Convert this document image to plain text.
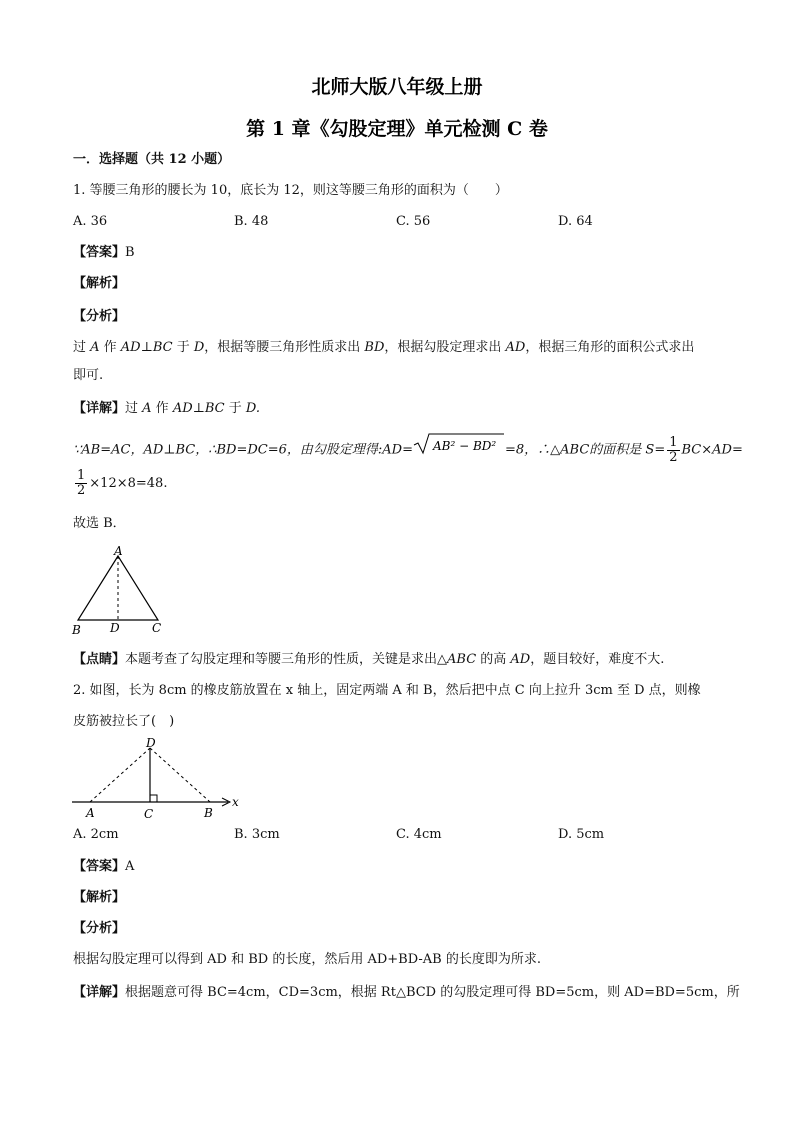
北师大版八年级上册
第 1 章《勾股定理》单元检测 C 卷
一．选择题（共 12 小题）
1. 等腰三角形的腰长为 10，底长为 12，则这等腰三角形的面积为（　　）
A. 36	B. 48	C. 56	D. 64
【答案】B
【解析】
【分析】
过 A 作 AD⊥BC 于 D，根据等腰三角形性质求出 BD，根据勾股定理求出 AD，根据三角形的面积公式求出
即可.
【详解】过 A 作 AD⊥BC 于 D.
∵AB=AC，AD⊥BC，∴BD=DC=6，由勾股定理得:AD= AB² − BD² =8，∴△ABC的面积是 $S= \frac{1}{2} BC\times AD=$
$\frac{1}{2} \times 12\times 8=48$.
故选 B．
A
B D	C
【点睛】本题考查了勾股定理和等腰三角形的性质，关键是求出△ABC 的高 AD，题目较好，难度不大.
2. 如图，长为 8cm 的橡皮筋放置在 x 轴上，固定两端 A 和 B，然后把中点 C 向上拉升 3cm 至 D 点，则橡
皮筋被拉长了(　)
D
A	C	B
x
A. 2cm	B. 3cm	C. 4cm	D. 5cm
【答案】A
【解析】
【分析】
根据勾股定理可以得到 AD 和 BD 的长度，然后用 AD+BD-AB 的长度即为所求.
【详解】根据题意可得 BC=4cm，CD=3cm，根据 Rt△BCD 的勾股定理可得 BD=5cm，则 AD=BD=5cm，所
